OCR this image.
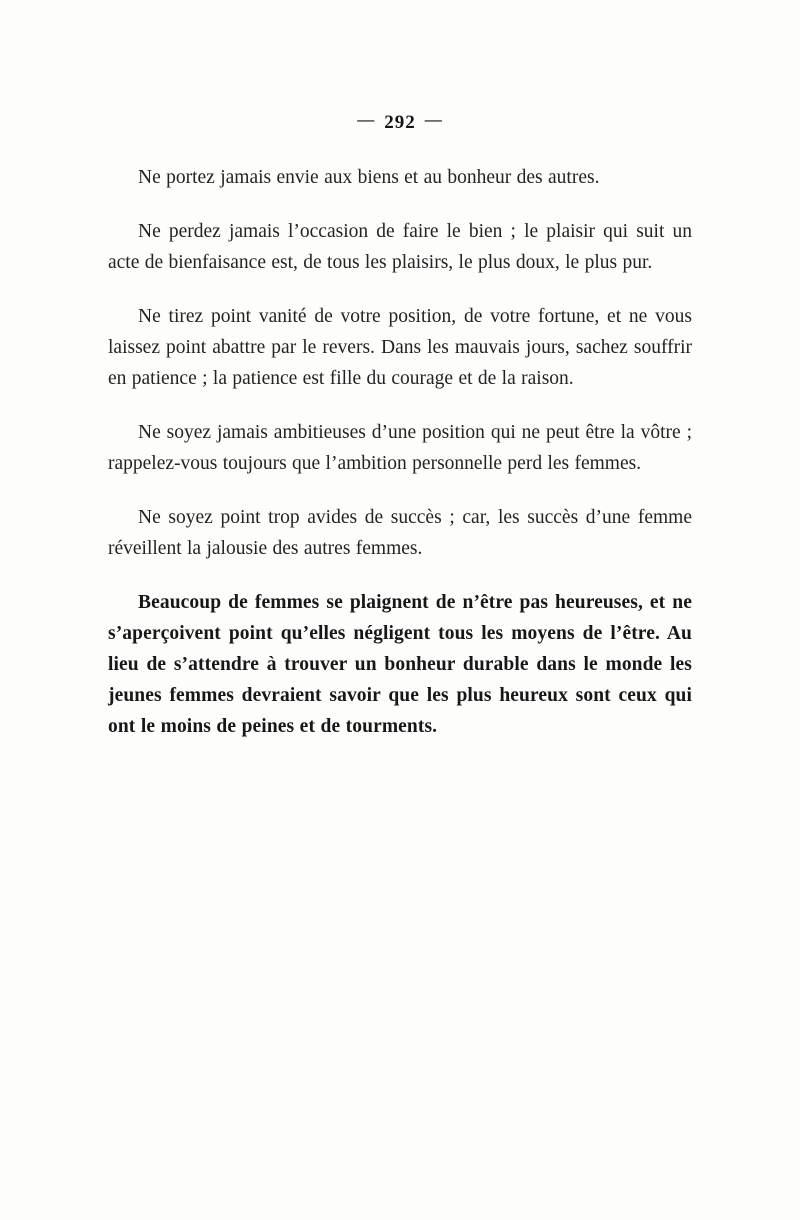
— 292 —

Ne portez jamais envie aux biens et au bonheur des autres.

Ne perdez jamais l’occasion de faire le bien ; le plaisir qui suit un acte de bienfaisance est, de tous les plaisirs, le plus doux, le plus pur.

Ne tirez point vanité de votre position, de votre fortune, et ne vous laissez point abattre par le revers. Dans les mauvais jours, sachez souffrir en patience ; la patience est fille du courage et de la raison.

Ne soyez jamais ambitieuses d’une position qui ne peut être la vôtre ; rappelez-vous toujours que l’ambition personnelle perd les femmes.

Ne soyez point trop avides de succès ; car, les succès d’une femme réveillent la jalousie des autres femmes.

Beaucoup de femmes se plaignent de n’être pas heureuses, et ne s’aperçoivent point qu’elles négligent tous les moyens de l’être. Au lieu de s’attendre à trouver un bonheur durable dans le monde les jeunes femmes devraient savoir que les plus heureux sont ceux qui ont le moins de peines et de tourments.
